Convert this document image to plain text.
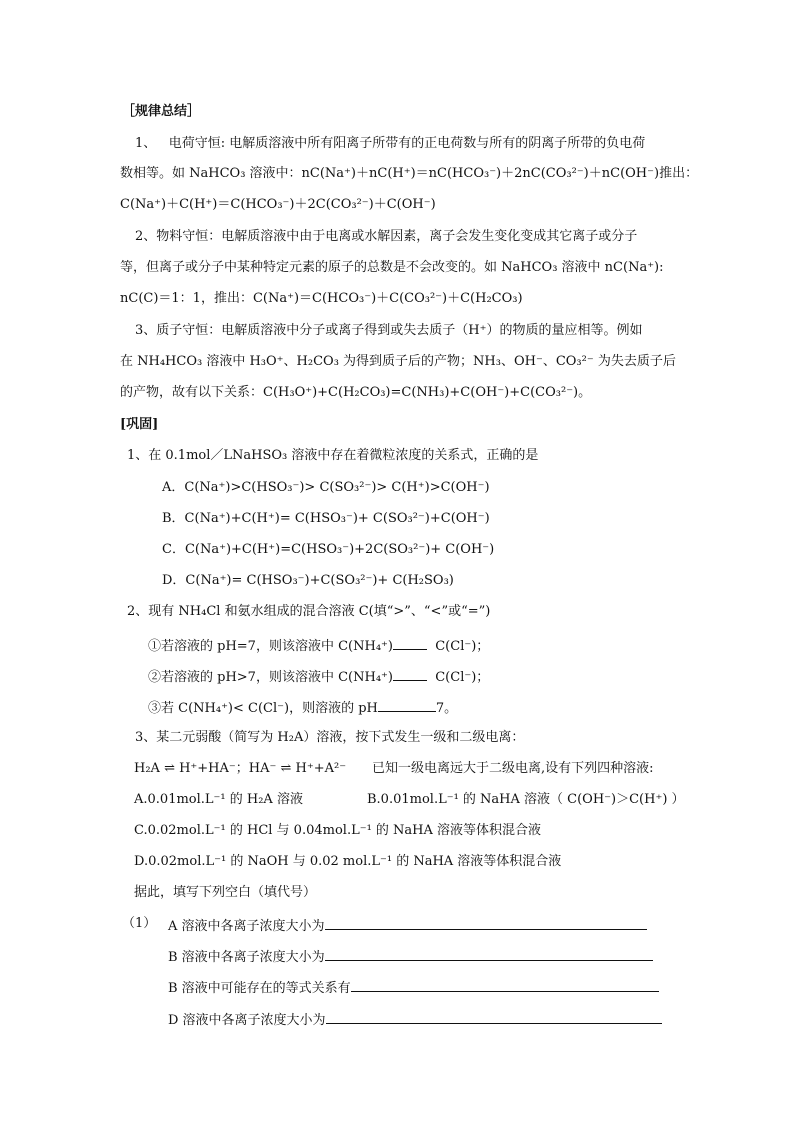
［规律总结］
1、 电荷守恒: 电解质溶液中所有阳离子所带有的正电荷数与所有的阴离子所带的负电荷
数相等。如 NaHCO₃ 溶液中：nC(Na⁺)＋nC(H⁺)＝nC(HCO₃⁻)＋2nC(CO₃²⁻)＋nC(OH⁻)推出：
C(Na⁺)＋C(H⁺)＝C(HCO₃⁻)＋2C(CO₃²⁻)＋C(OH⁻)
2、物料守恒：电解质溶液中由于电离或水解因素，离子会发生变化变成其它离子或分子
等，但离子或分子中某种特定元素的原子的总数是不会改变的。如 NaHCO₃ 溶液中 nC(Na⁺):
nC(C)＝1：1，推出：C(Na⁺)＝C(HCO₃⁻)＋C(CO₃²⁻)＋C(H₂CO₃)
3、质子守恒：电解质溶液中分子或离子得到或失去质子（H⁺）的物质的量应相等。例如
在 NH₄HCO₃ 溶液中 H₃O⁺、H₂CO₃ 为得到质子后的产物；NH₃、OH⁻、CO₃²⁻ 为失去质子后
的产物，故有以下关系：C(H₃O⁺)+C(H₂CO₃)=C(NH₃)+C(OH⁻)+C(CO₃²⁻)。
[巩固]
1、在 0.1mol／LNaHSO₃ 溶液中存在着微粒浓度的关系式，正确的是
A．C(Na⁺)>C(HSO₃⁻)> C(SO₃²⁻)> C(H⁺)>C(OH⁻)
B．C(Na⁺)+C(H⁺)= C(HSO₃⁻)+ C(SO₃²⁻)+C(OH⁻)
C．C(Na⁺)+C(H⁺)=C(HSO₃⁻)+2C(SO₃²⁻)+ C(OH⁻)
D．C(Na⁺)= C(HSO₃⁻)+C(SO₃²⁻)+ C(H₂SO₃)
2、现有 NH₄Cl 和氨水组成的混合溶液 C(填“>”、“<”或“=”)
①若溶液的 pH=7，则该溶液中 C(NH₄⁺)	C(Cl⁻)；
②若溶液的 pH>7，则该溶液中 C(NH₄⁺)	C(Cl⁻)；
③若 C(NH₄⁺)< C(Cl⁻)，则溶液的 pH	7。
3、某二元弱酸（简写为 H₂A）溶液，按下式发生一级和二级电离：
H₂A ⇌ H⁺+HA⁻；HA⁻ ⇌ H⁺+A²⁻ 已知一级电离远大于二级电离,设有下列四种溶液:
A.0.01mol.L⁻¹ 的 H₂A 溶液	B.0.01mol.L⁻¹ 的 NaHA 溶液（ C(OH⁻)＞C(H⁺) ）
C.0.02mol.L⁻¹ 的 HCl 与 0.04mol.L⁻¹ 的 NaHA 溶液等体积混合液
D.0.02mol.L⁻¹ 的 NaOH 与 0.02 mol.L⁻¹ 的 NaHA 溶液等体积混合液
据此，填写下列空白（填代号）
（1） A 溶液中各离子浓度大小为
B 溶液中各离子浓度大小为
B 溶液中可能存在的等式关系有
D 溶液中各离子浓度大小为
